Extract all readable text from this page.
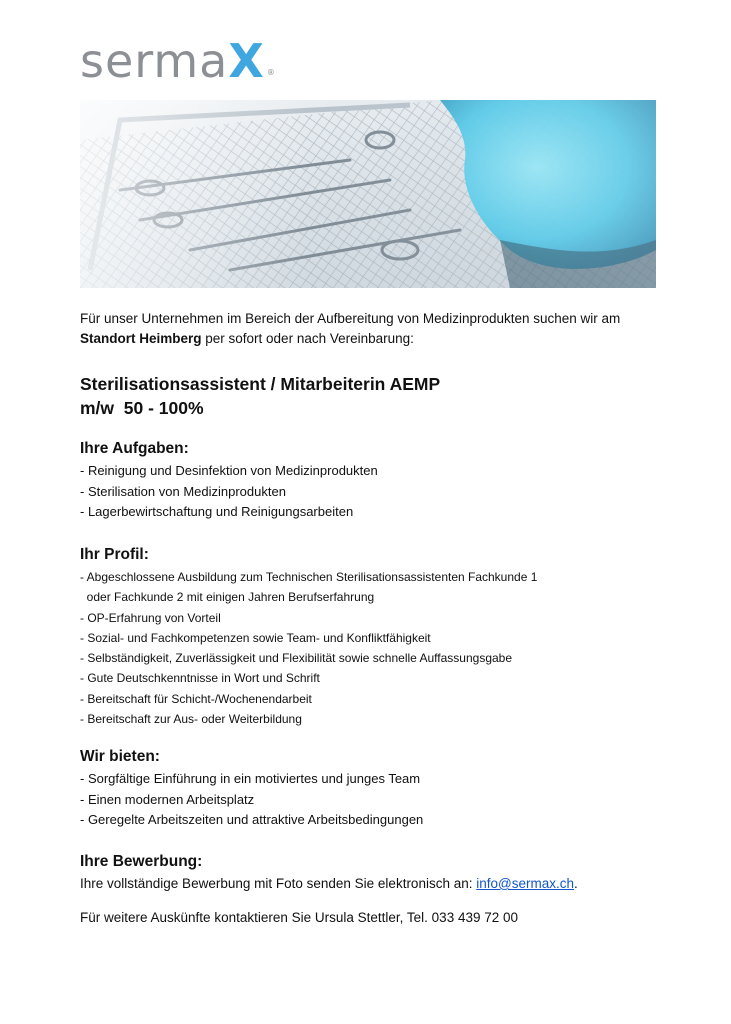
sermaX ®

Für unser Unternehmen im Bereich der Aufbereitung von Medizinprodukten suchen wir am

Standort Heimberg per sofort oder nach Vereinbarung:

Sterilisationsassistent / Mitarbeiterin AEMP
m/w  50 - 100%
Ihre Aufgaben:
- Reinigung und Desinfektion von Medizinprodukten
- Sterilisation von Medizinprodukten
- Lagerbewirtschaftung und Reinigungsarbeiten
Ihr Profil:
- Abgeschlossene Ausbildung zum Technischen Sterilisationsassistenten Fachkunde 1
oder Fachkunde 2 mit einigen Jahren Berufserfahrung
- OP-Erfahrung von Vorteil
- Sozial- und Fachkompetenzen sowie Team- und Konfliktfähigkeit
- Selbständigkeit, Zuverlässigkeit und Flexibilität sowie schnelle Auffassungsgabe
- Gute Deutschkenntnisse in Wort und Schrift
- Bereitschaft für Schicht-/Wochenendarbeit
- Bereitschaft zur Aus- oder Weiterbildung
Wir bieten:
- Sorgfältige Einführung in ein motiviertes und junges Team
- Einen modernen Arbeitsplatz
- Geregelte Arbeitszeiten und attraktive Arbeitsbedingungen
Ihre Bewerbung:

Ihre vollständige Bewerbung mit Foto senden Sie elektronisch an: info@sermax.ch.

Für weitere Auskünfte kontaktieren Sie Ursula Stettler, Tel. 033 439 72 00
